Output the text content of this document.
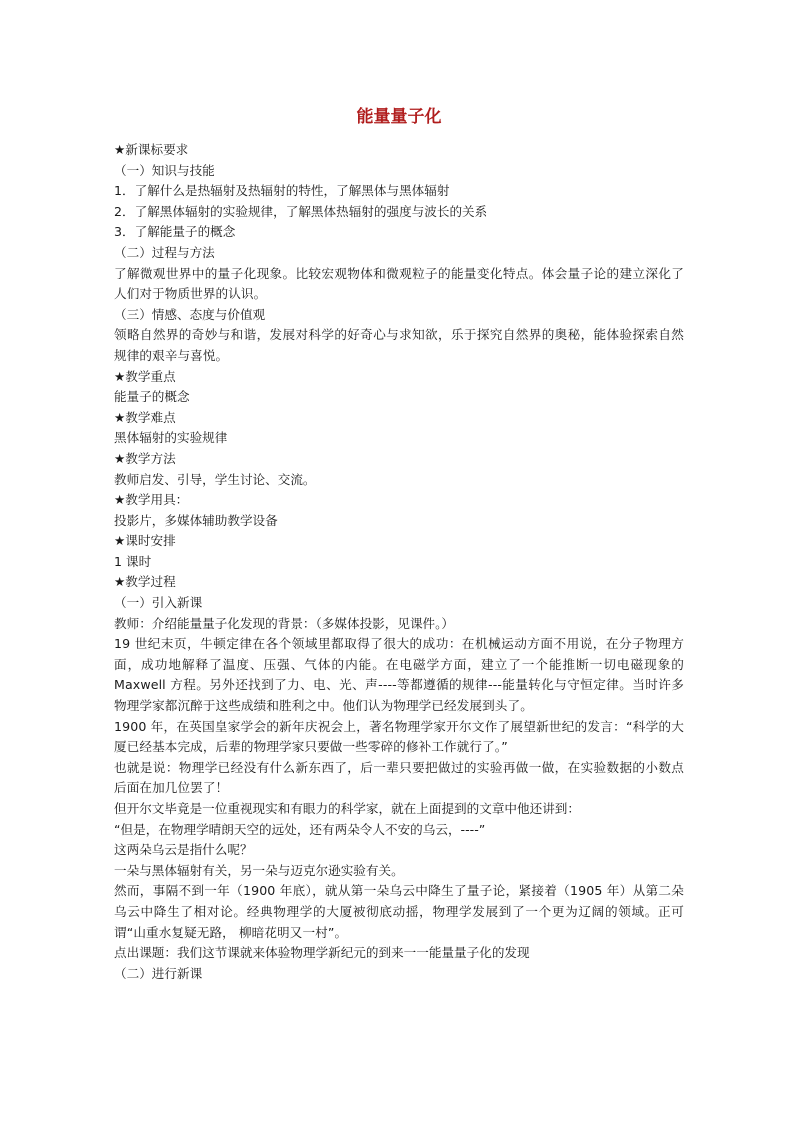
能量量子化

★新课标要求

（一）知识与技能

1．了解什么是热辐射及热辐射的特性，了解黑体与黑体辐射

2．了解黑体辐射的实验规律，了解黑体热辐射的强度与波长的关系

3．了解能量子的概念

（二）过程与方法

了解微观世界中的量子化现象。比较宏观物体和微观粒子的能量变化特点。体会量子论的建立深化了人们对于物质世界的认识。

（三）情感、态度与价值观

领略自然界的奇妙与和谐，发展对科学的好奇心与求知欲，乐于探究自然界的奥秘，能体验探索自然规律的艰辛与喜悦。

★教学重点

能量子的概念

★教学难点

黑体辐射的实验规律

★教学方法

教师启发、引导，学生讨论、交流。

★教学用具：

投影片，多媒体辅助教学设备

★课时安排

1 课时

★教学过程

（一）引入新课

教师：介绍能量量子化发现的背景：（多媒体投影，见课件。）

19 世纪末页，牛顿定律在各个领域里都取得了很大的成功：在机械运动方面不用说，在分子物理方面，成功地解释了温度、压强、气体的内能。在电磁学方面，建立了一个能推断一切电磁现象的 Maxwell 方程。另外还找到了力、电、光、声----等都遵循的规律---能量转化与守恒定律。当时许多物理学家都沉醉于这些成绩和胜利之中。他们认为物理学已经发展到头了。

1900 年，在英国皇家学会的新年庆祝会上，著名物理学家开尔文作了展望新世纪的发言：“科学的大厦已经基本完成，后辈的物理学家只要做一些零碎的修补工作就行了。”

也就是说：物理学已经没有什么新东西了，后一辈只要把做过的实验再做一做，在实验数据的小数点后面在加几位罢了！

但开尔文毕竟是一位重视现实和有眼力的科学家，就在上面提到的文章中他还讲到：

“但是，在物理学晴朗天空的远处，还有两朵令人不安的乌云，----”

这两朵乌云是指什么呢？

一朵与黑体辐射有关，另一朵与迈克尔逊实验有关。

然而，事隔不到一年（1900 年底），就从第一朵乌云中降生了量子论，紧接着（1905 年）从第二朵乌云中降生了相对论。经典物理学的大厦被彻底动摇，物理学发展到了一个更为辽阔的领域。正可谓“山重水复疑无路， 柳暗花明又一村”。

点出课题：我们这节课就来体验物理学新纪元的到来一一能量量子化的发现

（二）进行新课
